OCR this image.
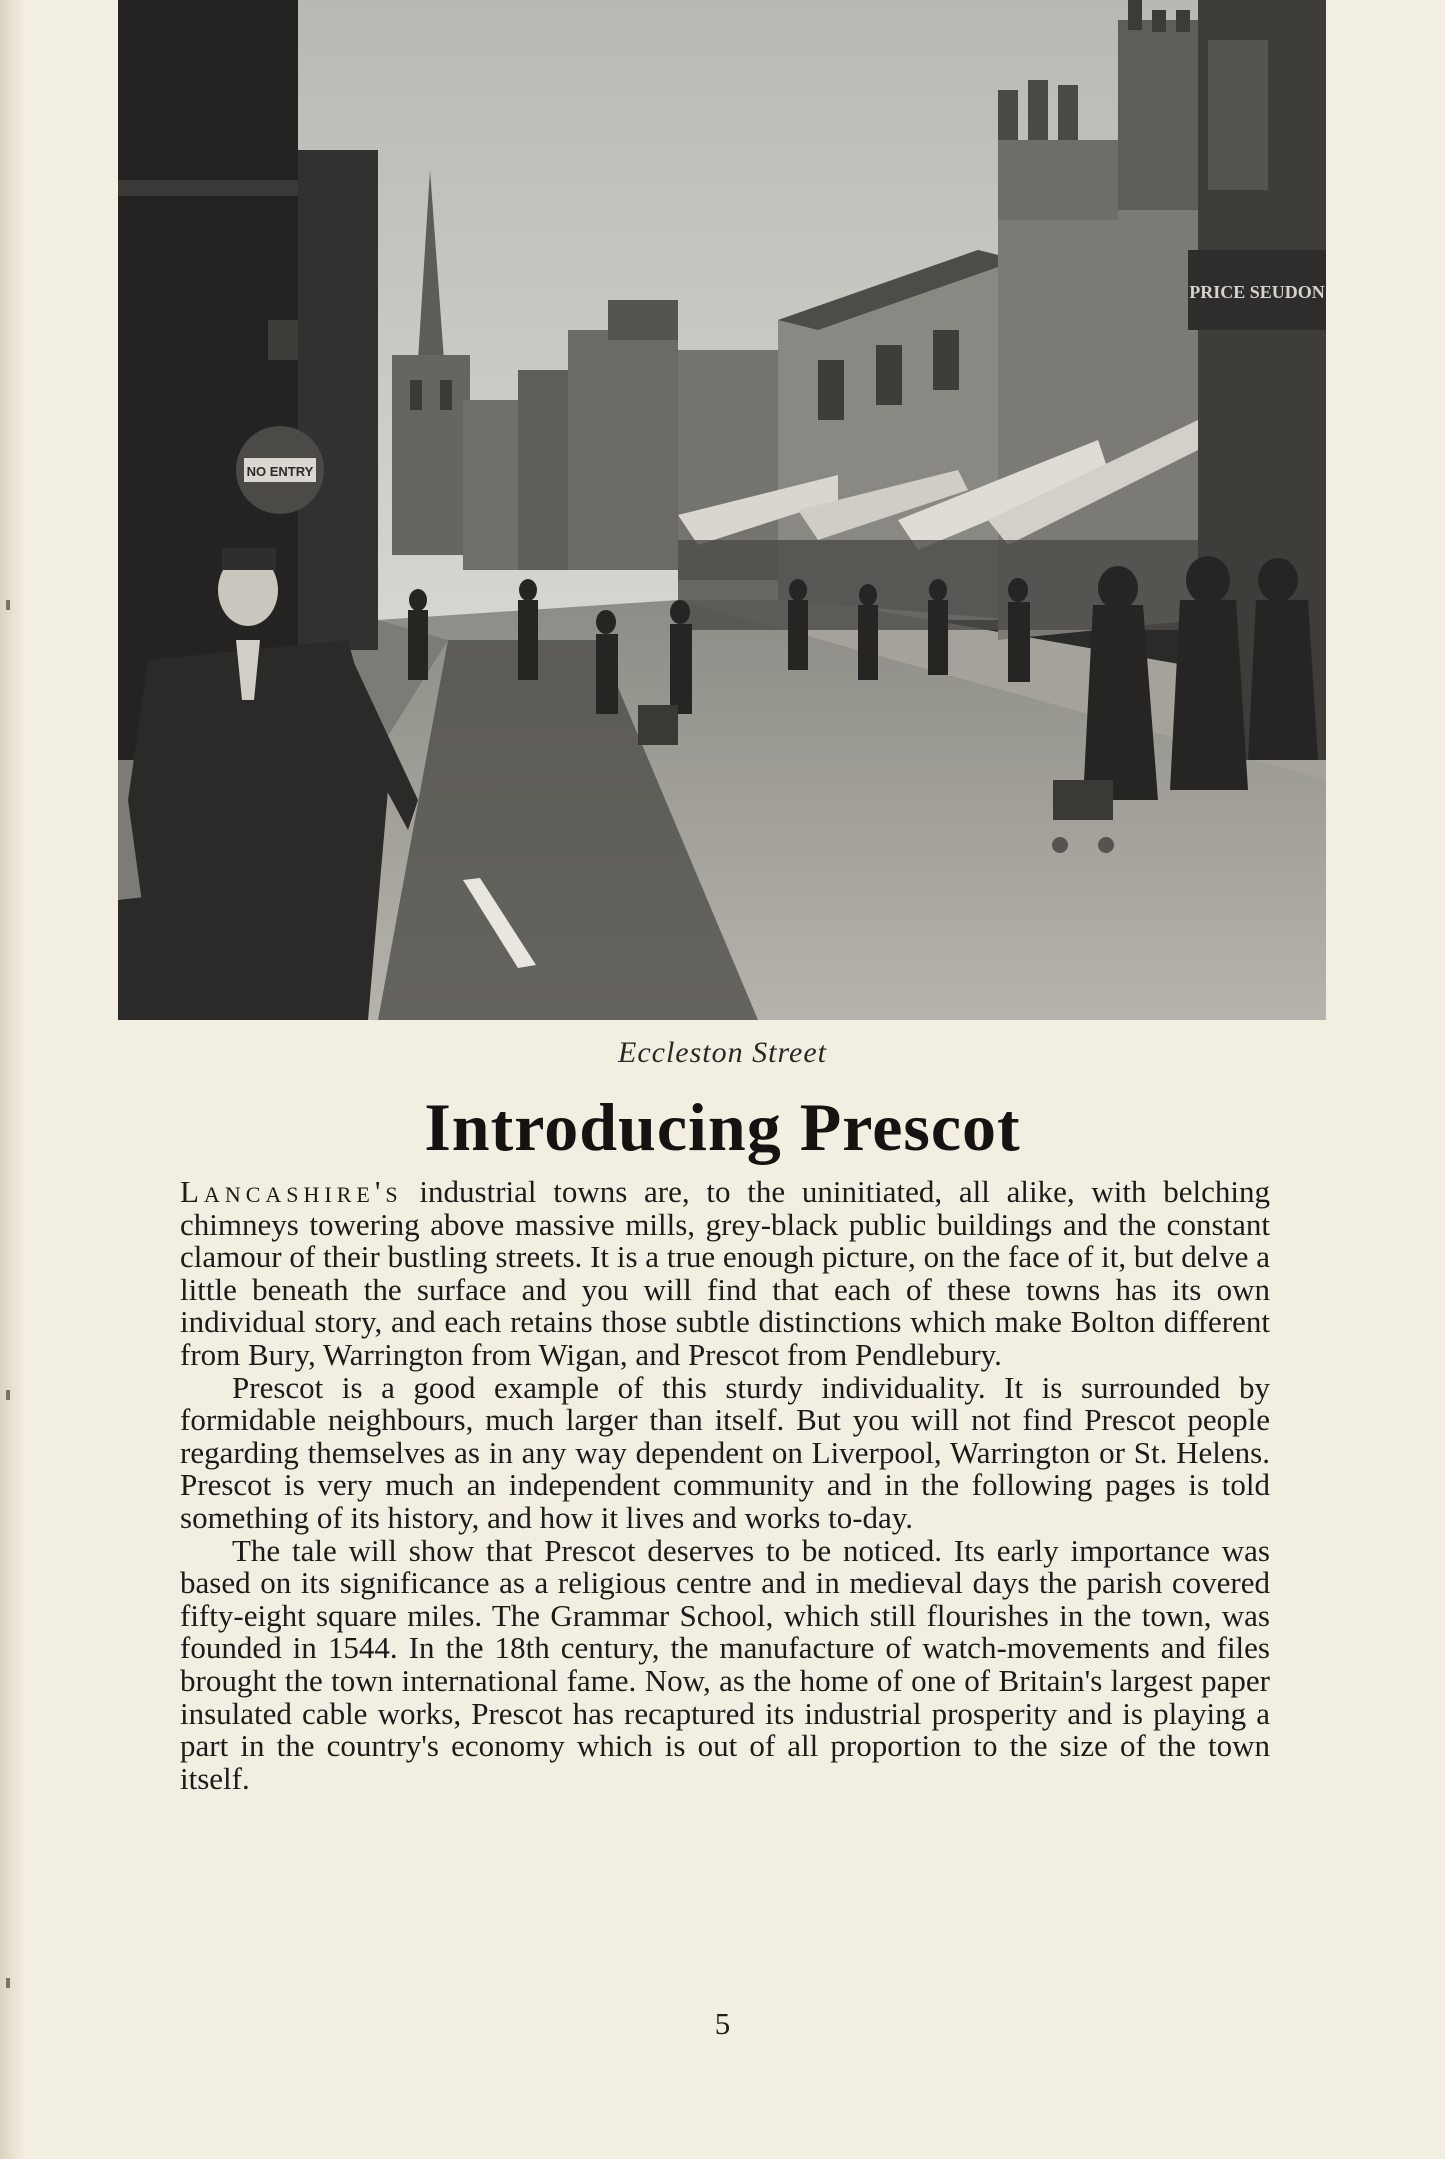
NO ENTRY
PRICE SEUDON
Eccleston Street
Introducing Prescot

Lancashire's industrial towns are, to the uninitiated, all alike, with belching chimneys towering above massive mills, grey-black public buildings and the constant clamour of their bustling streets. It is a true enough picture, on the face of it, but delve a little beneath the surface and you will find that each of these towns has its own individual story, and each retains those subtle distinctions which make Bolton different from Bury, Warrington from Wigan, and Prescot from Pendlebury.

Prescot is a good example of this sturdy individuality. It is surrounded by formidable neighbours, much larger than itself. But you will not find Prescot people regarding themselves as in any way dependent on Liverpool, Warrington or St. Helens. Prescot is very much an independent community and in the following pages is told something of its history, and how it lives and works to-day.

The tale will show that Prescot deserves to be noticed. Its early importance was based on its significance as a religious centre and in medieval days the parish covered fifty-eight square miles. The Grammar School, which still flourishes in the town, was founded in 1544. In the 18th century, the manufacture of watch-movements and files brought the town international fame. Now, as the home of one of Britain's largest paper insulated cable works, Prescot has recaptured its industrial prosperity and is playing a part in the country's economy which is out of all proportion to the size of the town itself.

5
